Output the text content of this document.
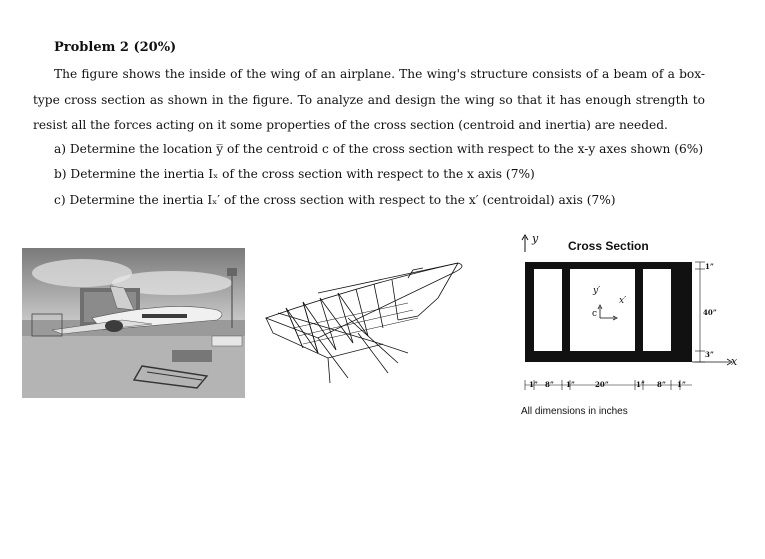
Problem 2 (20%)
The figure shows the inside of the wing of an airplane. The wing's structure consists of a beam of a box-type cross section as shown in the figure. To analyze and design the wing so that it has enough strength to resist all the forces acting on it some properties of the cross section (centroid and inertia) are needed.
a) Determine the location y̅ of the centroid c of the cross section with respect to the x-y axes shown (6%)
b) Determine the inertia Iₓ of the cross section with respect to the x axis (7%)
c) Determine the inertia Iₓ′ of the cross section with respect to the x′ (centroidal) axis (7%)
y
x
Cross Section
c
y′
x′
1”
40”
3”
1” 8” 1”	20”	1” 8” 1”
All dimensions in inches
